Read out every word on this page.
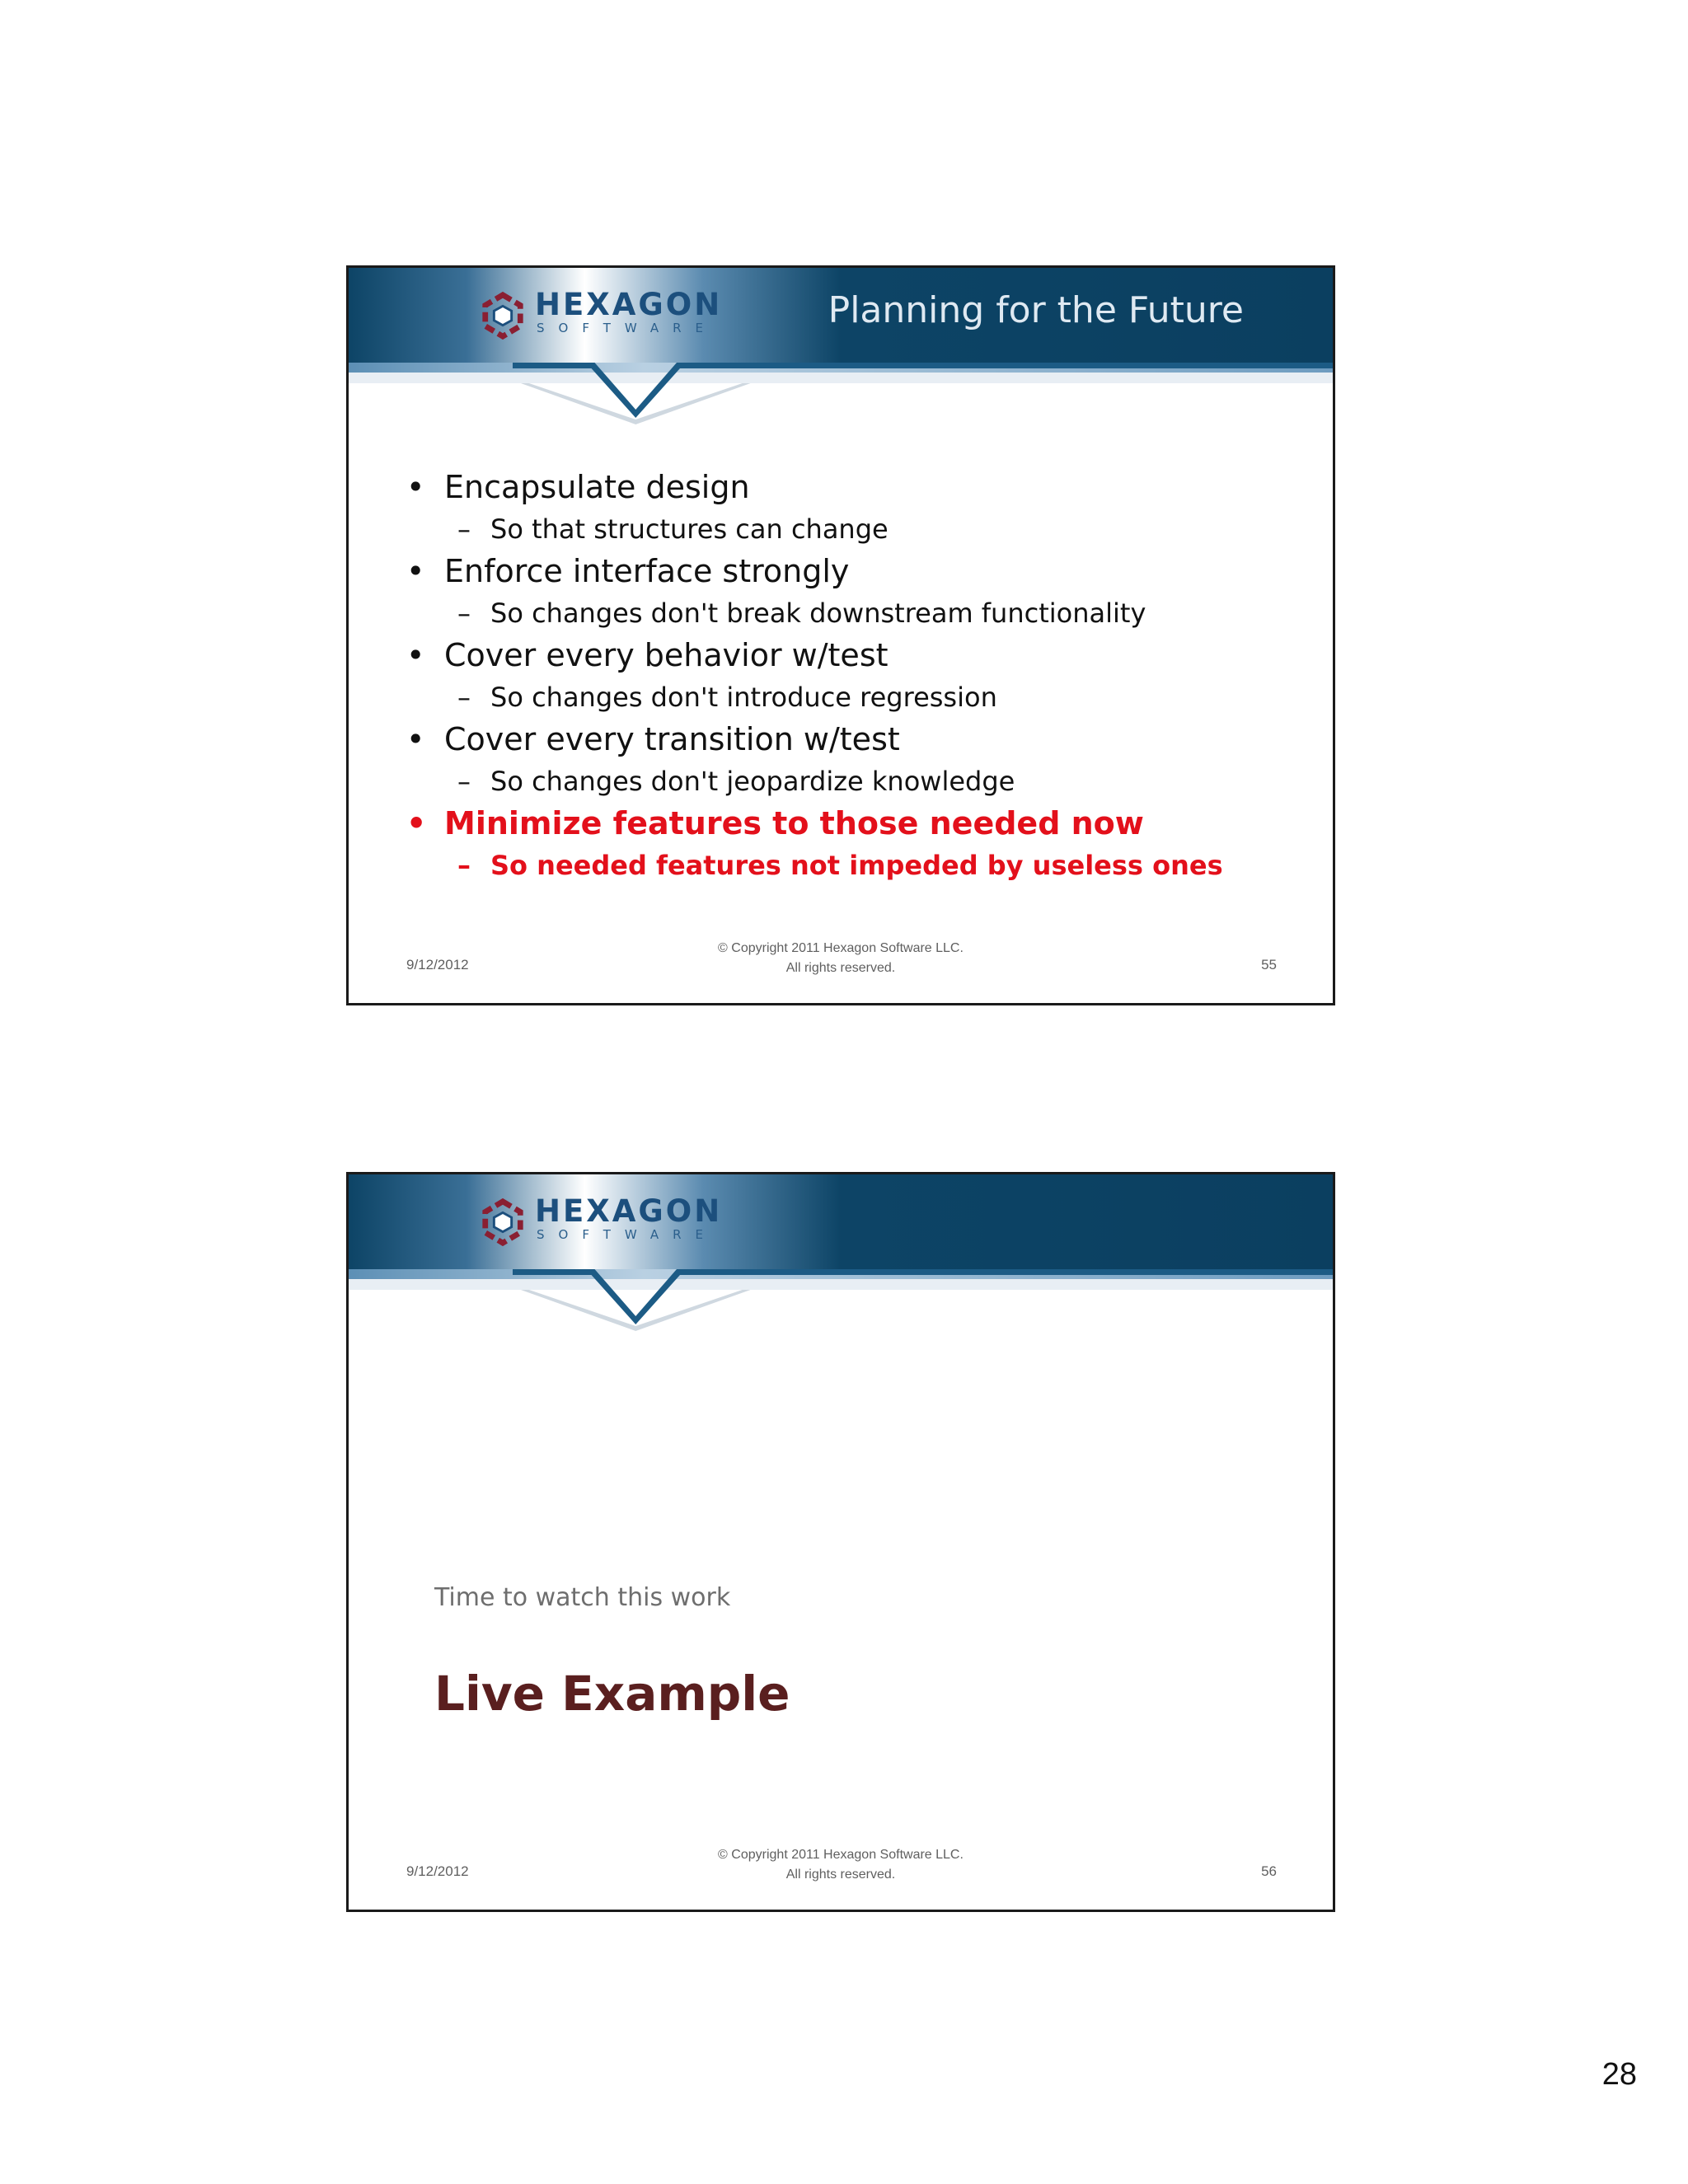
HEXAGON
SOFTWARE	Planning for the Future
• Encapsulate design
– So that structures can change
• Enforce interface strongly
– So changes don't break downstream functionality
• Cover every behavior w/test
– So changes don't introduce regression
• Cover every transition w/test
– So changes don't jeopardize knowledge
• Minimize features to those needed now
– So needed features not impeded by useless ones
9/12/2012
© Copyright 2011 Hexagon Software LLC.
All rights reserved.	55
HEXAGON
SOFTWARE
Time to watch this work
Live Example
9/12/2012
© Copyright 2011 Hexagon Software LLC.
All rights reserved.	56
28
